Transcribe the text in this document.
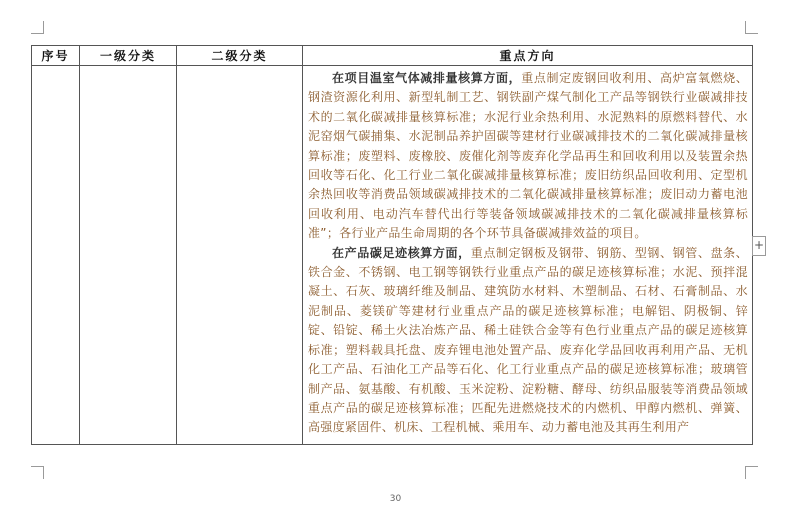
序号	一级分类	二级分类	重点方向

			在项目温室气体减排量核算方面，重点制定废钢回收利用、高炉富氧燃烧、钢渣资源化利用、新型轧制工艺、钢铁副产煤气制化工产品等钢铁行业碳减排技术的二氧化碳减排量核算标准；水泥行业余热利用、水泥熟料的原燃料替代、水泥窑烟气碳捕集、水泥制品养护固碳等建材行业碳减排技术的二氧化碳减排量核算标准；废塑料、废橡胶、废催化剂等废弃化学品再生和回收利用以及装置余热回收等石化、化工行业二氧化碳减排量核算标准；废旧纺织品回收利用、定型机余热回收等消费品领域碳减排技术的二氧化碳减排量核算标准；废旧动力蓄电池回收利用、电动汽车替代出行等装备领域碳减排技术的二氧化碳减排量核算标准”；各行业产品生命周期的各个环节具备碳减排效益的项目。

在产品碳足迹核算方面，重点制定钢板及钢带、钢筋、型钢、钢管、盘条、铁合金、不锈钢、电工钢等钢铁行业重点产品的碳足迹核算标准；水泥、预拌混凝土、石灰、玻璃纤维及制品、建筑防水材料、木塑制品、石材、石膏制品、水泥制品、菱镁矿等建材行业重点产品的碳足迹核算标准；电解铝、阴极铜、锌锭、铅锭、稀土火法冶炼产品、稀土硅铁合金等有色行业重点产品的碳足迹核算标准；塑料载具托盘、废弃锂电池处置产品、废弃化学品回收再利用产品、无机化工产品、石油化工产品等石化、化工行业重点产品的碳足迹核算标准；玻璃管制产品、氨基酸、有机酸、玉米淀粉、淀粉糖、酵母、纺织品服装等消费品领域重点产品的碳足迹核算标准；匹配先进燃烧技术的内燃机、甲醇内燃机、弹簧、高强度紧固件、机床、工程机械、乘用车、动力蓄电池及其再生利用产

+
30
